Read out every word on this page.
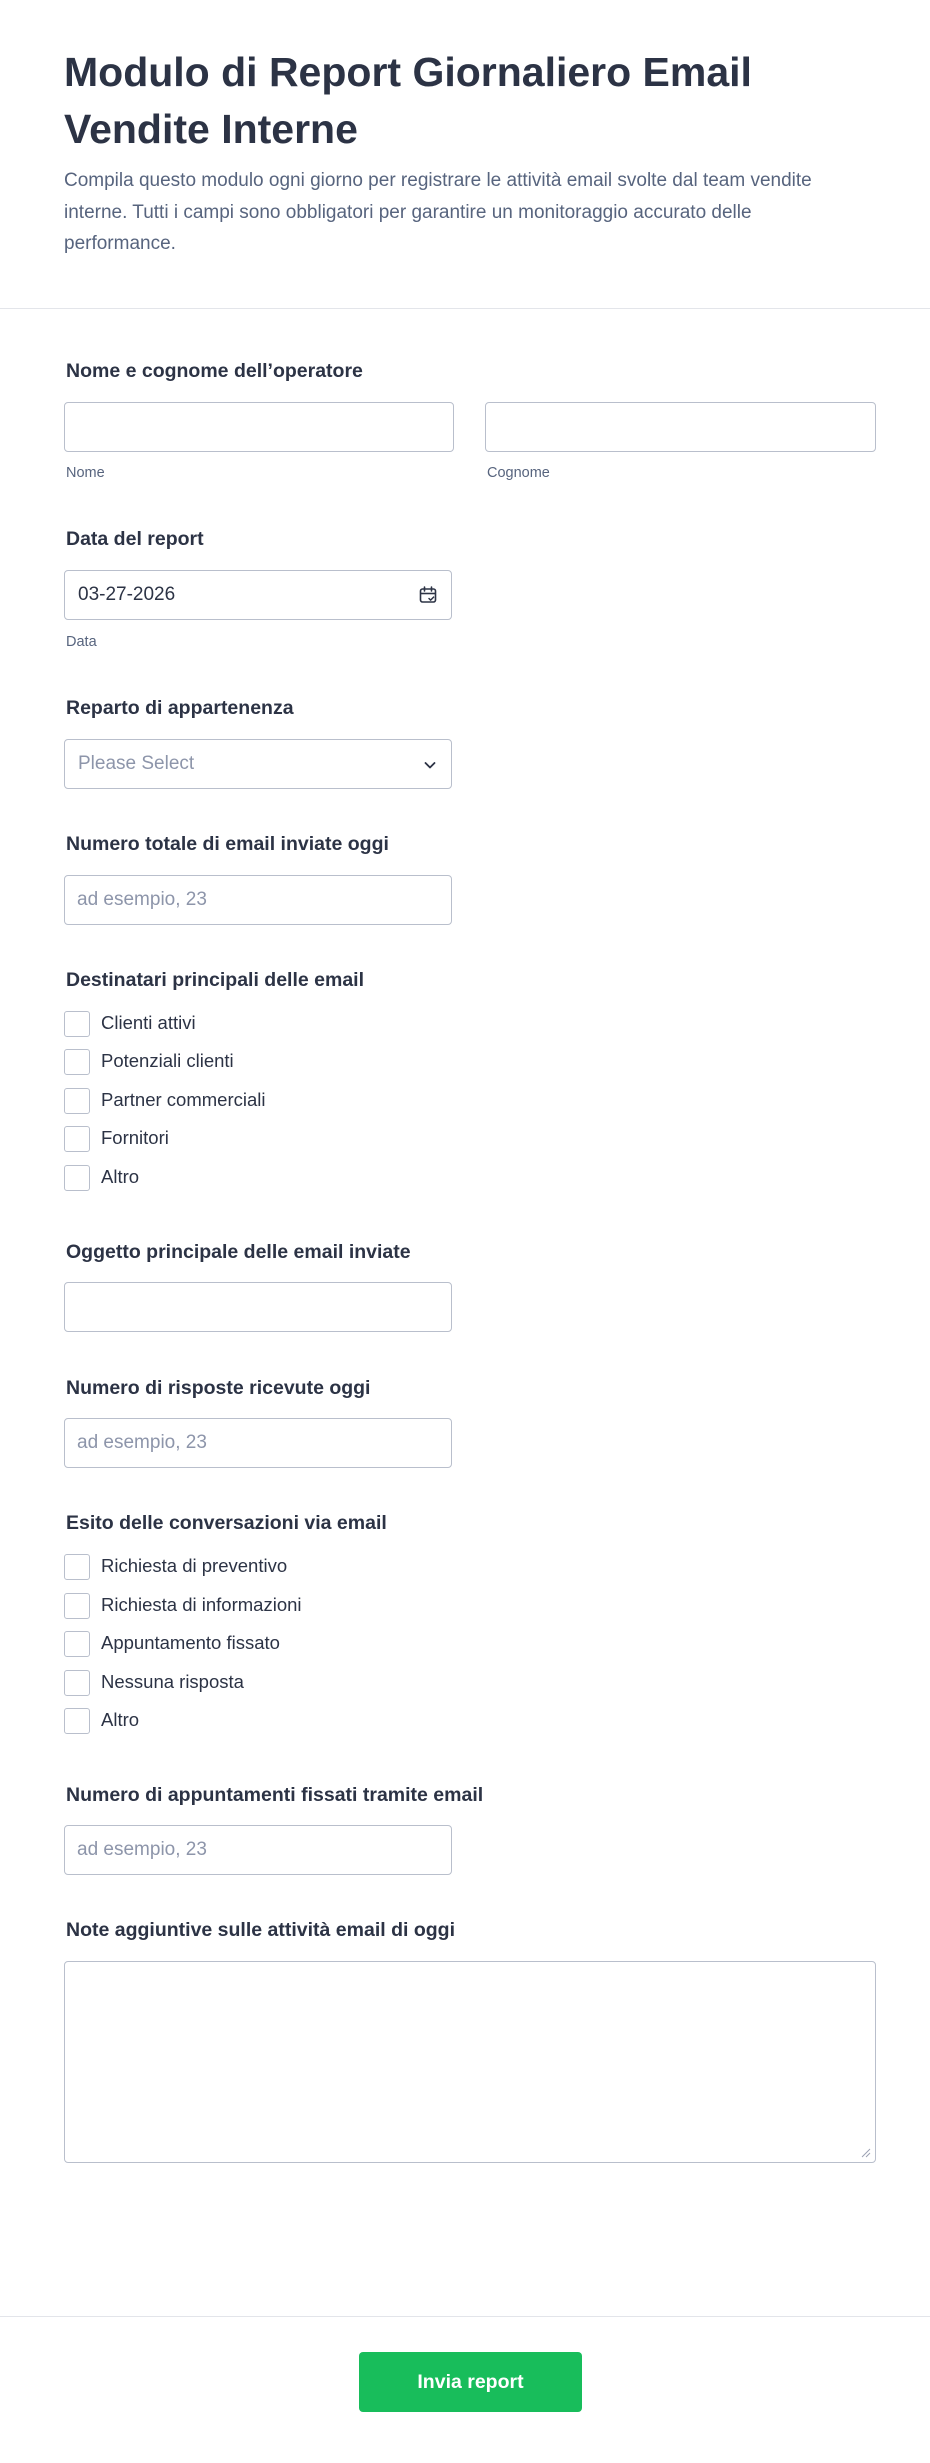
Modulo di Report Giornaliero Email Vendite Interne

Compila questo modulo ogni giorno per registrare le attività email svolte dal team vendite interne. Tutti i campi sono obbligatori per garantire un monitoraggio accurato delle performance.

Nome e cognome dell’operatore
Nome	Cognome
Data del report
03-27-2026
Data
Reparto di appartenenza
Please Select
Numero totale di email inviate oggi
ad esempio, 23
Destinatari principali delle email
Clienti attivi
Potenziali clienti
Partner commerciali
Fornitori
Altro
Oggetto principale delle email inviate
Numero di risposte ricevute oggi
ad esempio, 23
Esito delle conversazioni via email
Richiesta di preventivo
Richiesta di informazioni
Appuntamento fissato
Nessuna risposta
Altro
Numero di appuntamenti fissati tramite email
ad esempio, 23
Note aggiuntive sulle attività email di oggi
Invia report
